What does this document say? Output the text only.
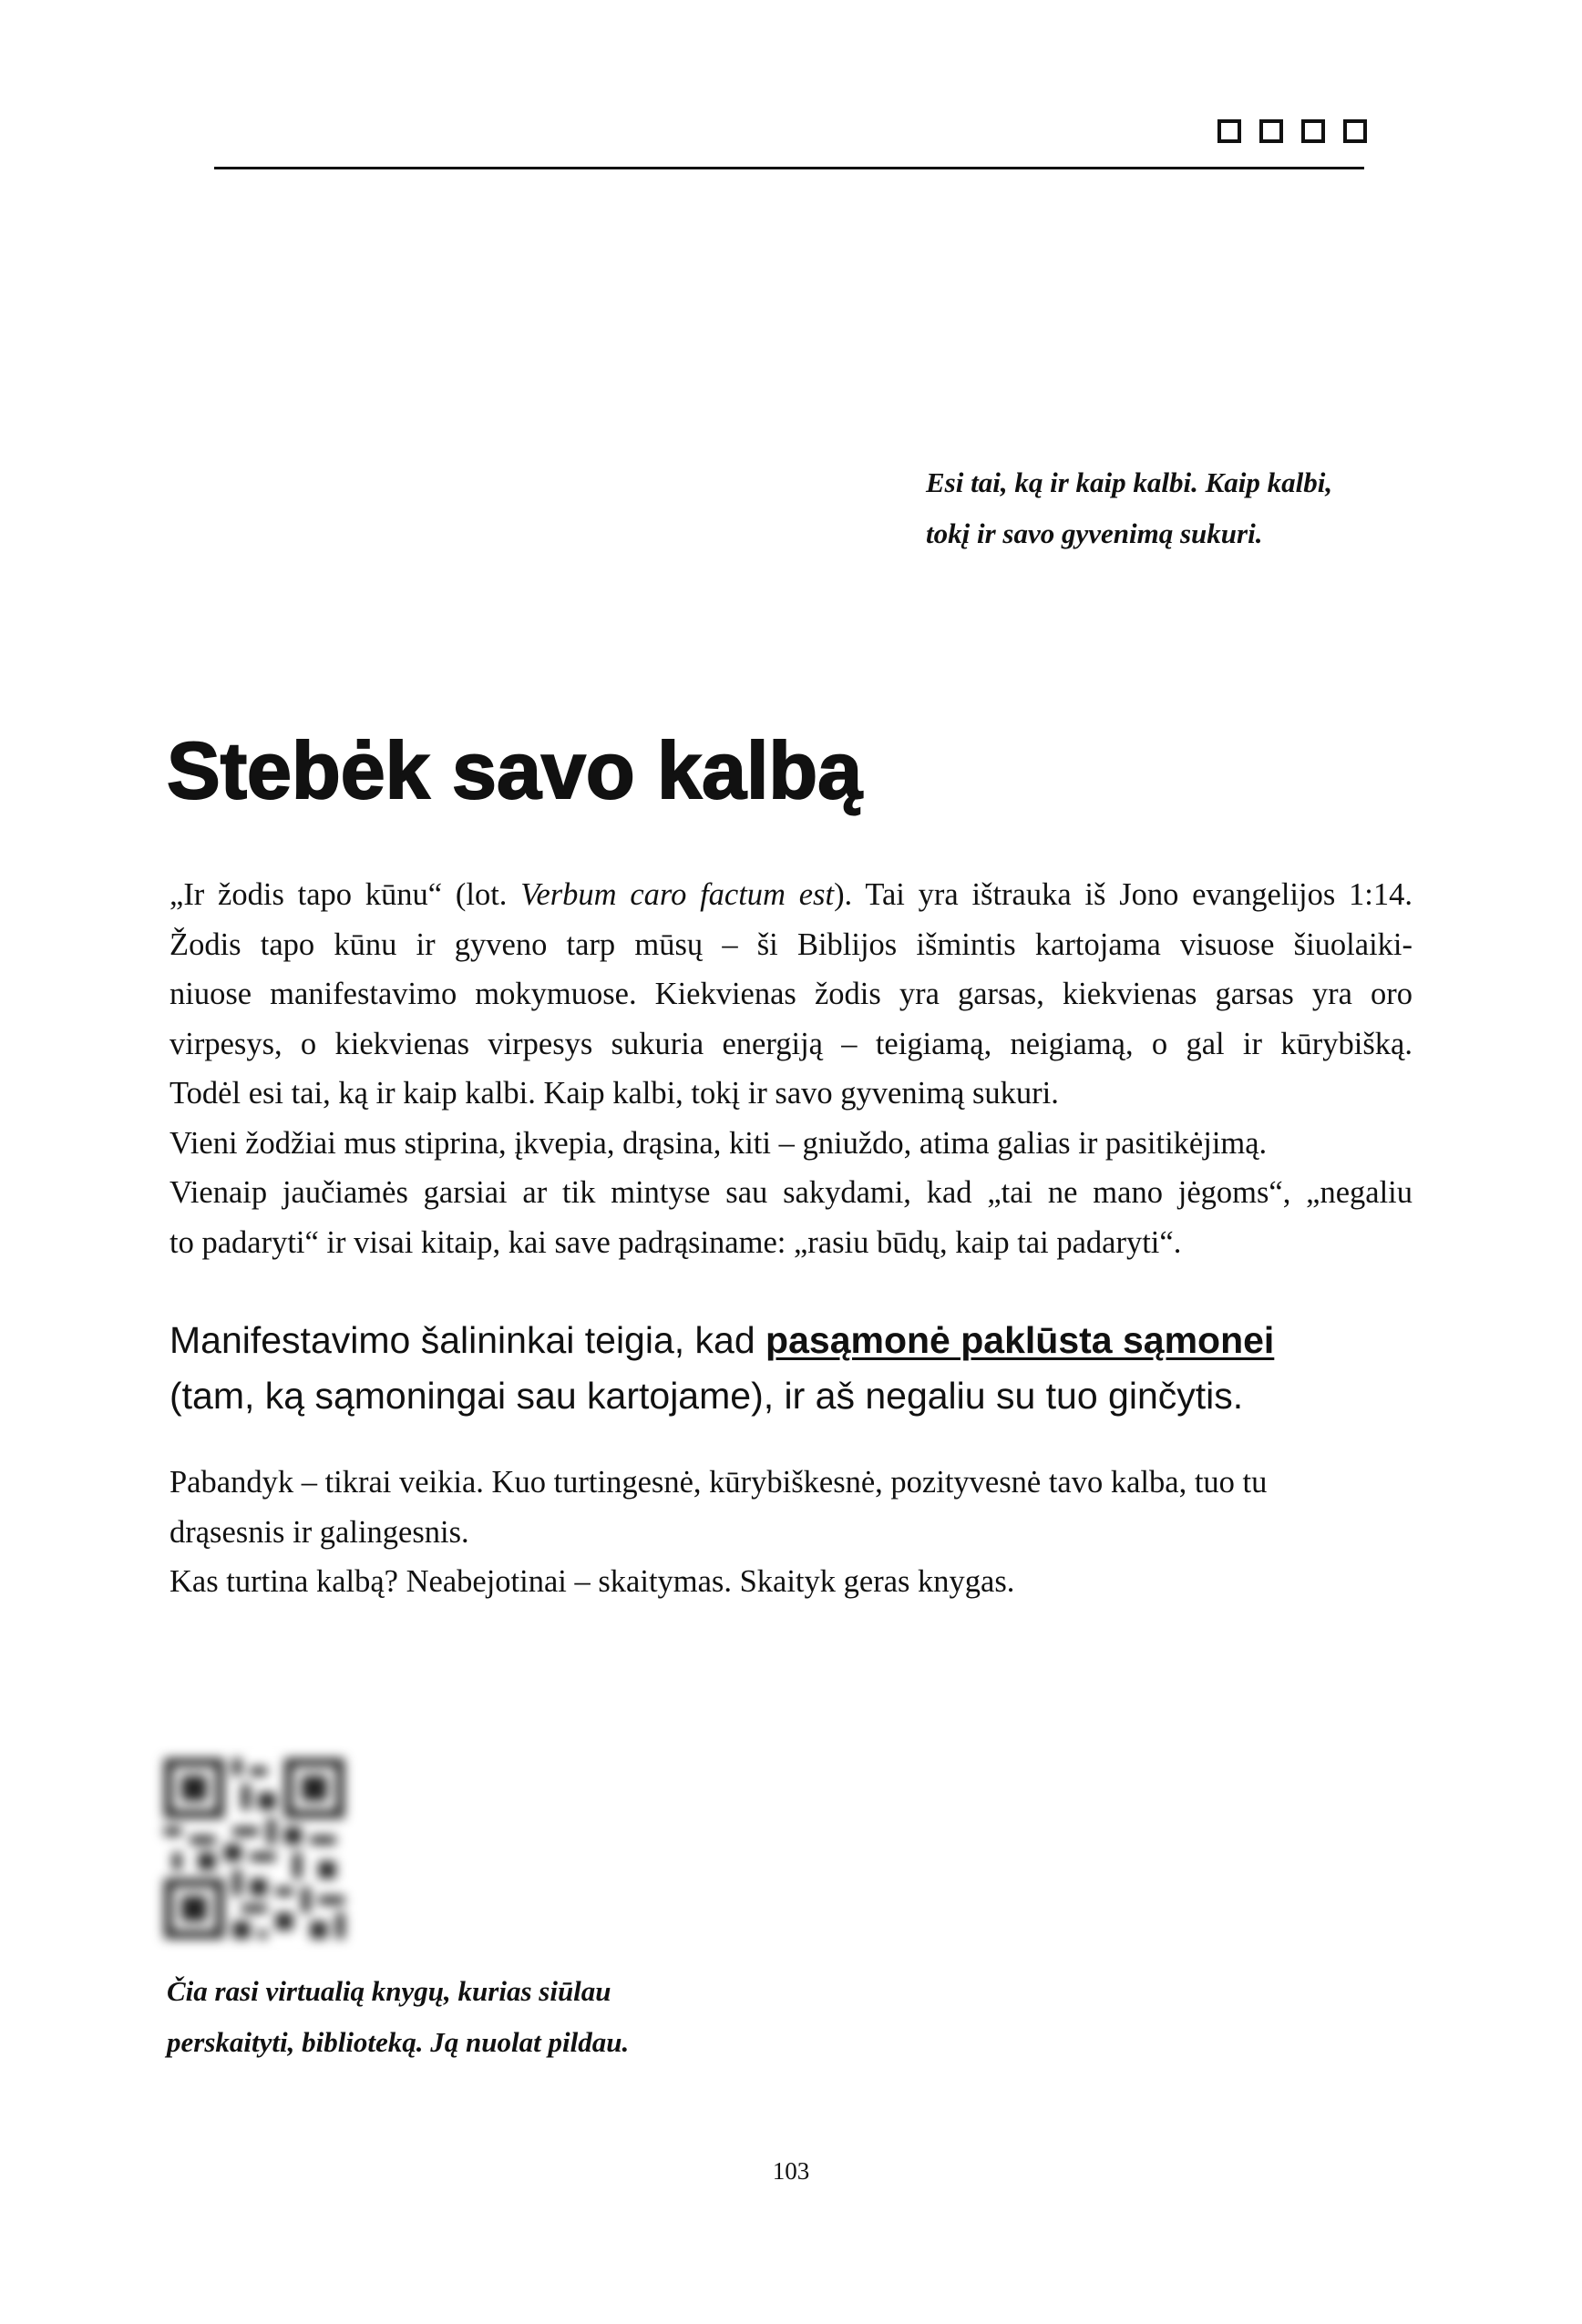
Esi tai, ką ir kaip kalbi. Kaip kalbi,
tokį ir savo gyvenimą sukuri.
Stebėk savo kalbą
„Ir žodis tapo kūnu“ (lot. Verbum caro factum est). Tai yra ištrauka iš Jono evangelijos 1:14.
Žodis tapo kūnu ir gyveno tarp mūsų – ši Biblijos išmintis kartojama visuose šiuolaiki-
niuose manifestavimo mokymuose. Kiekvienas žodis yra garsas, kiekvienas garsas yra oro
virpesys, o kiekvienas virpesys sukuria energiją – teigiamą, neigiamą, o gal ir kūrybišką.
Todėl esi tai, ką ir kaip kalbi. Kaip kalbi, tokį ir savo gyvenimą sukuri.
Vieni žodžiai mus stiprina, įkvepia, drąsina, kiti – gniuždo, atima galias ir pasitikėjimą.
Vienaip jaučiamės garsiai ar tik mintyse sau sakydami, kad „tai ne mano jėgoms“, „negaliu
to padaryti“ ir visai kitaip, kai save padrąsiname: „rasiu būdų, kaip tai padaryti“.
Manifestavimo šalininkai teigia, kad pasąmonė paklūsta sąmonei
(tam, ką sąmoningai sau kartojame), ir aš negaliu su tuo ginčytis.
Pabandyk – tikrai veikia. Kuo turtingesnė, kūrybiškesnė, pozityvesnė tavo kalba, tuo tu
drąsesnis ir galingesnis.
Kas turtina kalbą? Neabejotinai – skaitymas. Skaityk geras knygas.
Čia rasi virtualią knygų, kurias siūlau
perskaityti, biblioteką. Ją nuolat pildau.
103
